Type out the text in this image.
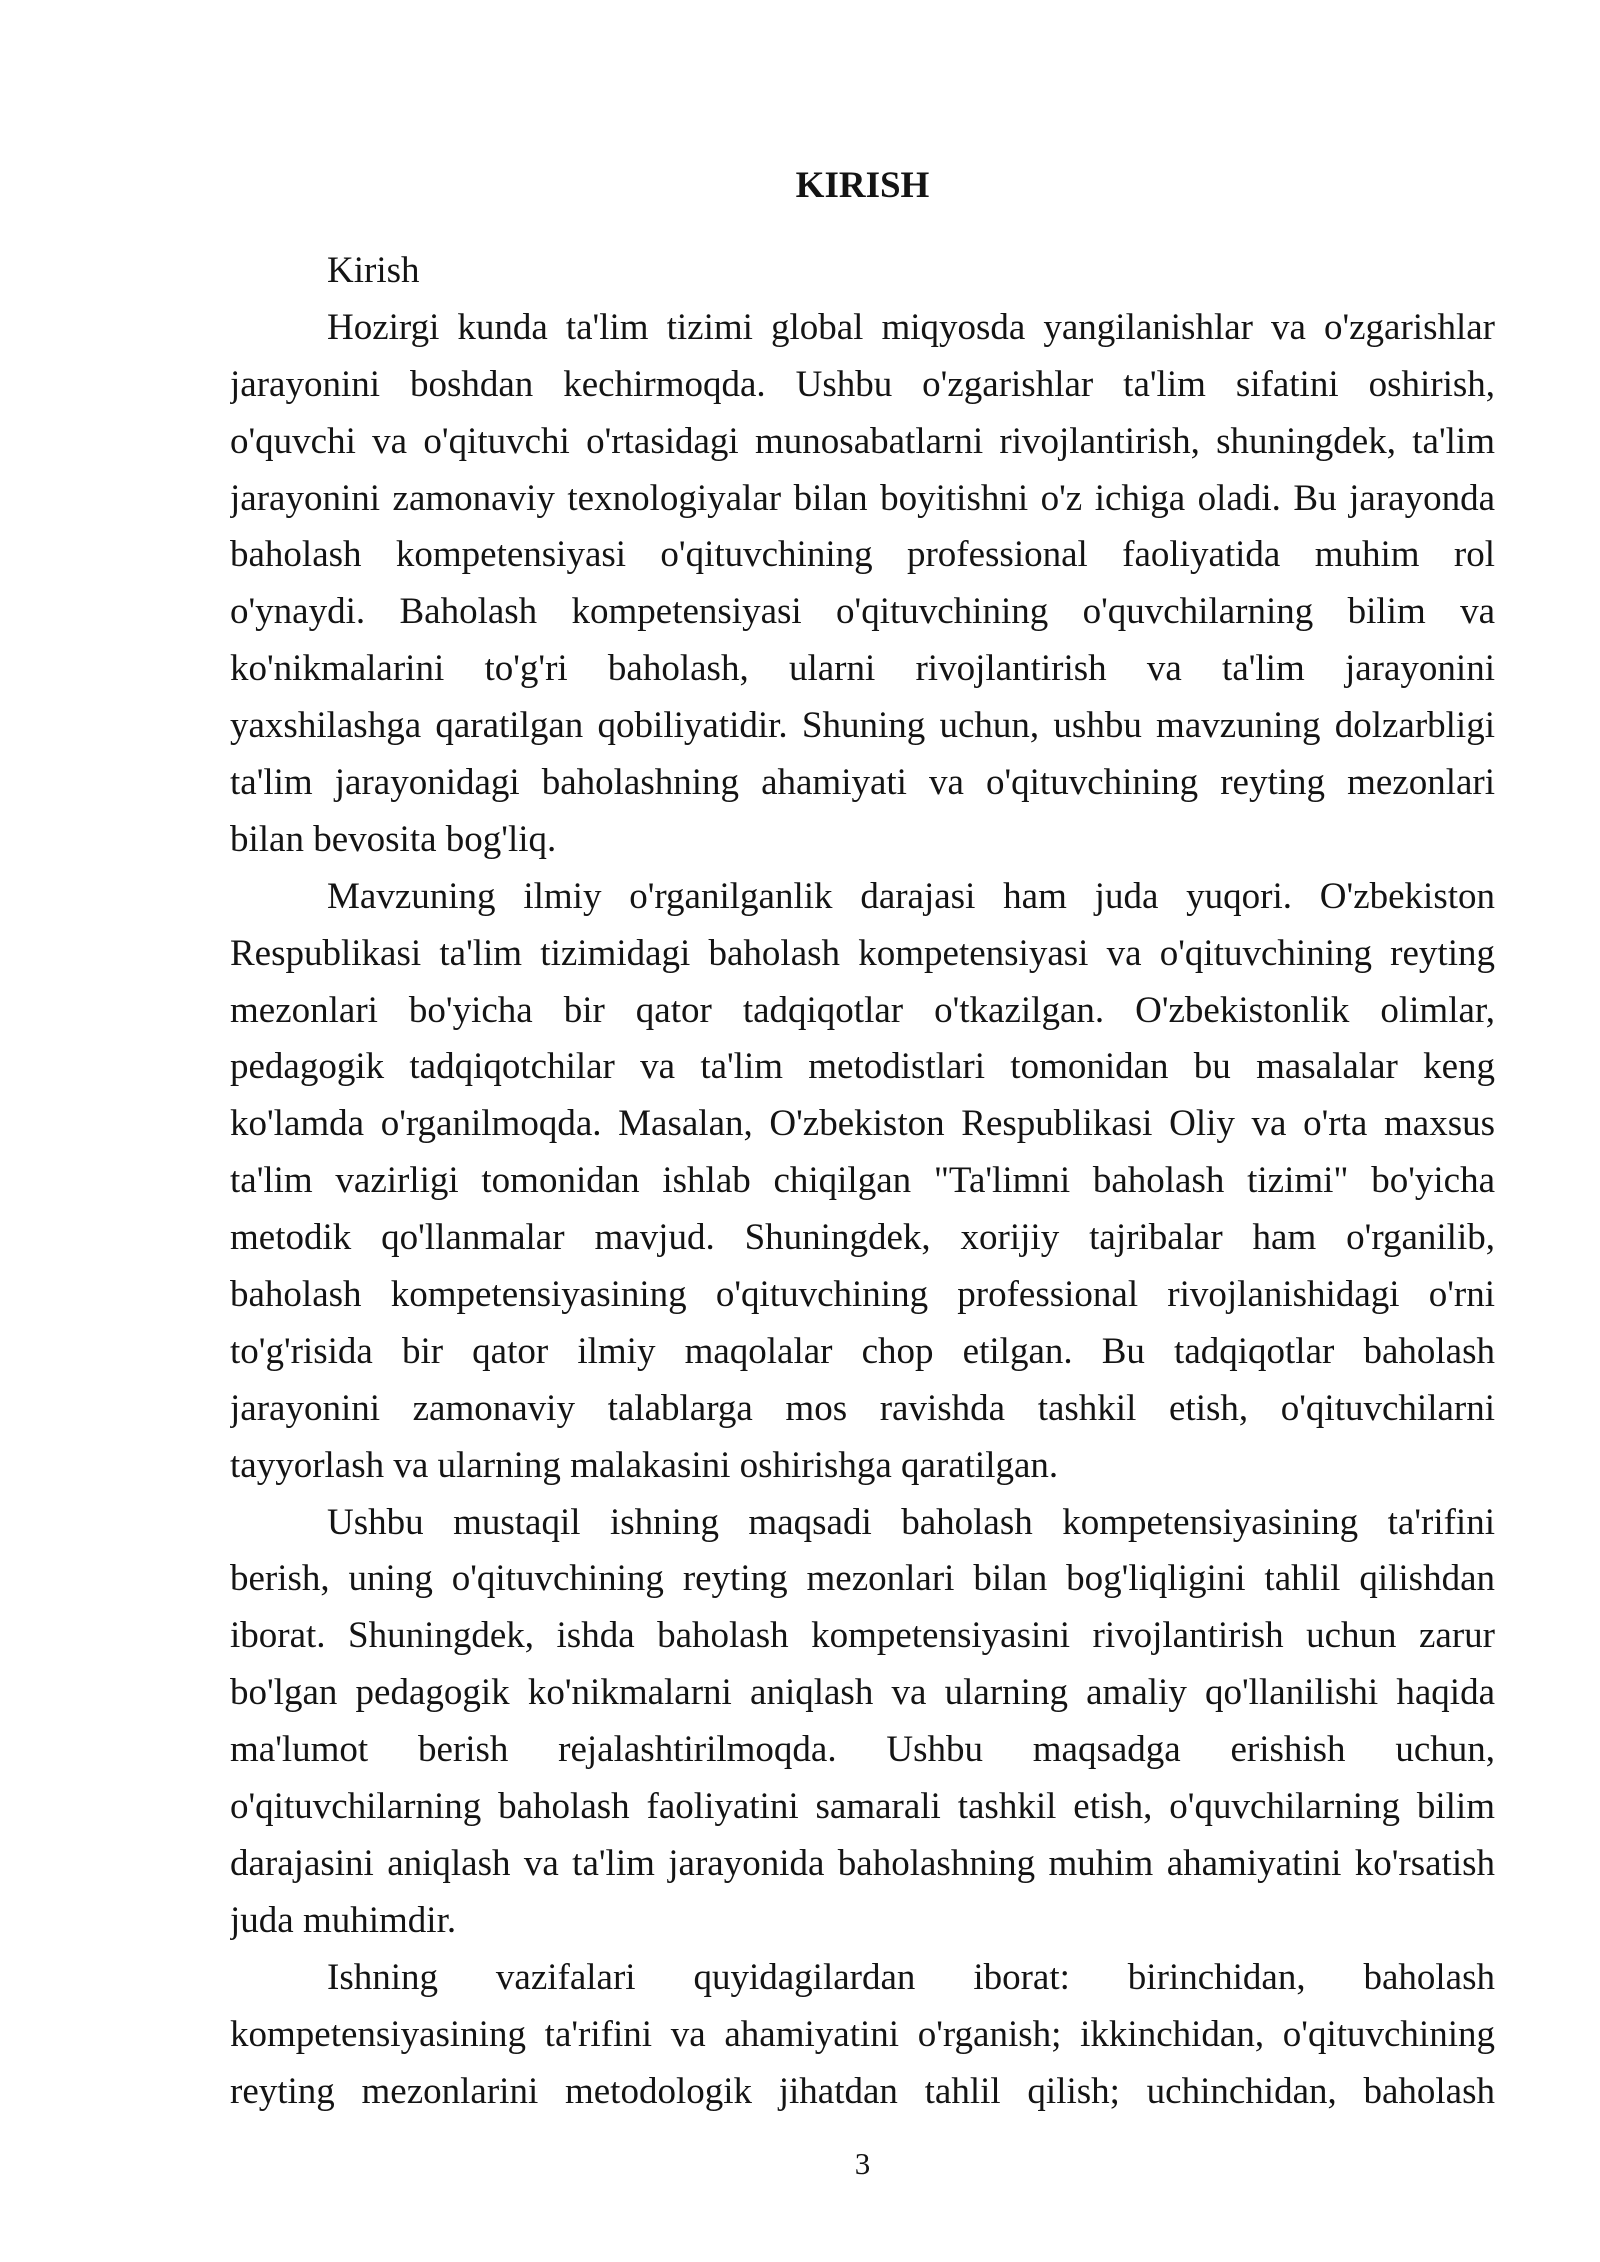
KIRISH
Kirish
Hozirgi kunda ta'lim tizimi global miqyosda yangilanishlar va o'zgarishlar
jarayonini boshdan kechirmoqda. Ushbu o'zgarishlar ta'lim sifatini oshirish,
o'quvchi va o'qituvchi o'rtasidagi munosabatlarni rivojlantirish, shuningdek, ta'lim
jarayonini zamonaviy texnologiyalar bilan boyitishni o'z ichiga oladi. Bu jarayonda
baholash kompetensiyasi o'qituvchining professional faoliyatida muhim rol
o'ynaydi. Baholash kompetensiyasi o'qituvchining o'quvchilarning bilim va
ko'nikmalarini to'g'ri baholash, ularni rivojlantirish va ta'lim jarayonini
yaxshilashga qaratilgan qobiliyatidir. Shuning uchun, ushbu mavzuning dolzarbligi
ta'lim jarayonidagi baholashning ahamiyati va o'qituvchining reyting mezonlari
bilan bevosita bog'liq.
Mavzuning ilmiy o'rganilganlik darajasi ham juda yuqori. O'zbekiston
Respublikasi ta'lim tizimidagi baholash kompetensiyasi va o'qituvchining reyting
mezonlari bo'yicha bir qator tadqiqotlar o'tkazilgan. O'zbekistonlik olimlar,
pedagogik tadqiqotchilar va ta'lim metodistlari tomonidan bu masalalar keng
ko'lamda o'rganilmoqda. Masalan, O'zbekiston Respublikasi Oliy va o'rta maxsus
ta'lim vazirligi tomonidan ishlab chiqilgan "Ta'limni baholash tizimi" bo'yicha
metodik qo'llanmalar mavjud. Shuningdek, xorijiy tajribalar ham o'rganilib,
baholash kompetensiyasining o'qituvchining professional rivojlanishidagi o'rni
to'g'risida bir qator ilmiy maqolalar chop etilgan. Bu tadqiqotlar baholash
jarayonini zamonaviy talablarga mos ravishda tashkil etish, o'qituvchilarni
tayyorlash va ularning malakasini oshirishga qaratilgan.
Ushbu mustaqil ishning maqsadi baholash kompetensiyasining ta'rifini
berish, uning o'qituvchining reyting mezonlari bilan bog'liqligini tahlil qilishdan
iborat. Shuningdek, ishda baholash kompetensiyasini rivojlantirish uchun zarur
bo'lgan pedagogik ko'nikmalarni aniqlash va ularning amaliy qo'llanilishi haqida
ma'lumot berish rejalashtirilmoqda. Ushbu maqsadga erishish uchun,
o'qituvchilarning baholash faoliyatini samarali tashkil etish, o'quvchilarning bilim
darajasini aniqlash va ta'lim jarayonida baholashning muhim ahamiyatini ko'rsatish
juda muhimdir.
Ishning vazifalari quyidagilardan iborat: birinchidan, baholash
kompetensiyasining ta'rifini va ahamiyatini o'rganish; ikkinchidan, o'qituvchining
reyting mezonlarini metodologik jihatdan tahlil qilish; uchinchidan, baholash
3
